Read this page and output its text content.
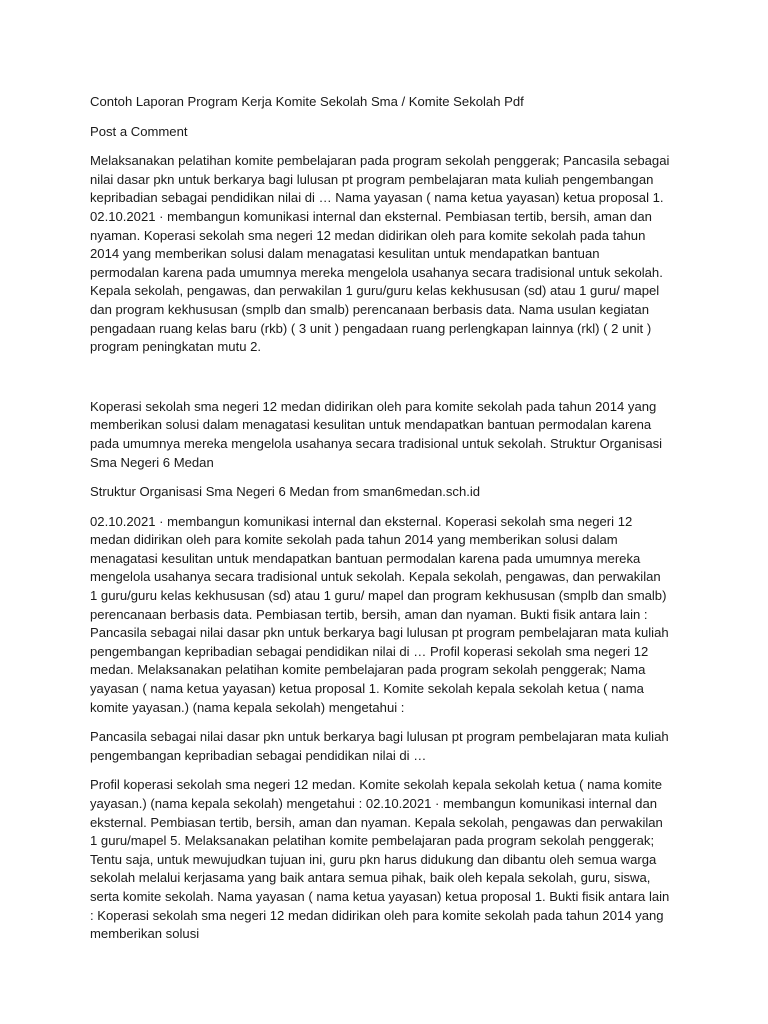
Contoh Laporan Program Kerja Komite Sekolah Sma / Komite Sekolah Pdf

Post a Comment

Melaksanakan pelatihan komite pembelajaran pada program sekolah penggerak; Pancasila sebagai nilai dasar pkn untuk berkarya bagi lulusan pt program pembelajaran mata kuliah pengembangan kepribadian sebagai pendidikan nilai di … Nama yayasan ( nama ketua yayasan) ketua proposal 1. 02.10.2021 · membangun komunikasi internal dan eksternal. Pembiasan tertib, bersih, aman dan nyaman. Koperasi sekolah sma negeri 12 medan didirikan oleh para komite sekolah pada tahun 2014 yang memberikan solusi dalam menagatasi kesulitan untuk mendapatkan bantuan permodalan karena pada umumnya mereka mengelola usahanya secara tradisional untuk sekolah. Kepala sekolah, pengawas, dan perwakilan 1 guru/guru kelas kekhususan (sd) atau 1 guru/ mapel dan program kekhususan (smplb dan smalb) perencanaan berbasis data. Nama usulan kegiatan pengadaan ruang kelas baru (rkb) ( 3 unit ) pengadaan ruang perlengkapan lainnya (rkl) ( 2 unit ) program peningkatan mutu 2.

Koperasi sekolah sma negeri 12 medan didirikan oleh para komite sekolah pada tahun 2014 yang memberikan solusi dalam menagatasi kesulitan untuk mendapatkan bantuan permodalan karena pada umumnya mereka mengelola usahanya secara tradisional untuk sekolah. Struktur Organisasi Sma Negeri 6 Medan

Struktur Organisasi Sma Negeri 6 Medan from sman6medan.sch.id

02.10.2021 · membangun komunikasi internal dan eksternal. Koperasi sekolah sma negeri 12 medan didirikan oleh para komite sekolah pada tahun 2014 yang memberikan solusi dalam menagatasi kesulitan untuk mendapatkan bantuan permodalan karena pada umumnya mereka mengelola usahanya secara tradisional untuk sekolah. Kepala sekolah, pengawas, dan perwakilan 1 guru/guru kelas kekhususan (sd) atau 1 guru/ mapel dan program kekhususan (smplb dan smalb) perencanaan berbasis data. Pembiasan tertib, bersih, aman dan nyaman. Bukti fisik antara lain : Pancasila sebagai nilai dasar pkn untuk berkarya bagi lulusan pt program pembelajaran mata kuliah pengembangan kepribadian sebagai pendidikan nilai di … Profil koperasi sekolah sma negeri 12 medan. Melaksanakan pelatihan komite pembelajaran pada program sekolah penggerak; Nama yayasan ( nama ketua yayasan) ketua proposal 1. Komite sekolah kepala sekolah ketua ( nama komite yayasan.) (nama kepala sekolah) mengetahui :

Pancasila sebagai nilai dasar pkn untuk berkarya bagi lulusan pt program pembelajaran mata kuliah pengembangan kepribadian sebagai pendidikan nilai di …

Profil koperasi sekolah sma negeri 12 medan. Komite sekolah kepala sekolah ketua ( nama komite yayasan.) (nama kepala sekolah) mengetahui : 02.10.2021 · membangun komunikasi internal dan eksternal. Pembiasan tertib, bersih, aman dan nyaman. Kepala sekolah, pengawas dan perwakilan 1 guru/mapel 5. Melaksanakan pelatihan komite pembelajaran pada program sekolah penggerak; Tentu saja, untuk mewujudkan tujuan ini, guru pkn harus didukung dan dibantu oleh semua warga sekolah melalui kerjasama yang baik antara semua pihak, baik oleh kepala sekolah, guru, siswa, serta komite sekolah. Nama yayasan ( nama ketua yayasan) ketua proposal 1. Bukti fisik antara lain : Koperasi sekolah sma negeri 12 medan didirikan oleh para komite sekolah pada tahun 2014 yang memberikan solusi
